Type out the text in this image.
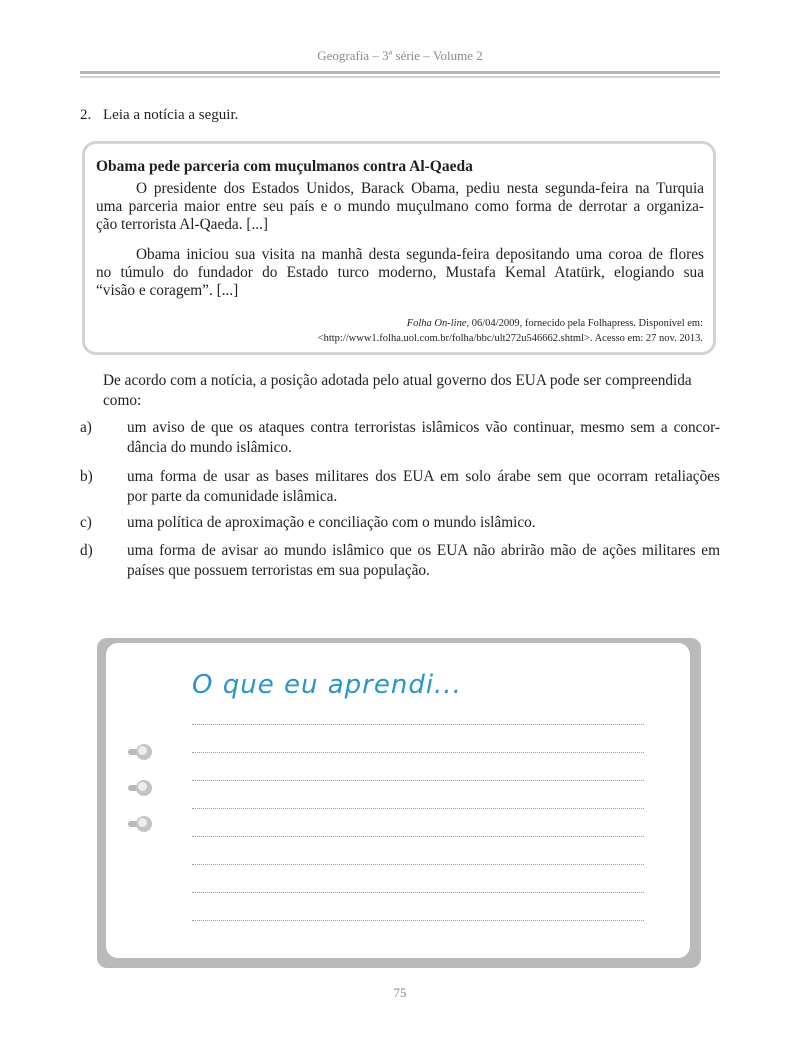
Geografia – 3ª série – Volume 2
2. Leia a notícia a seguir.
Obama pede parceria com muçulmanos contra Al-Qaeda
O presidente dos Estados Unidos, Barack Obama, pediu nesta segunda-feira na Turquia
uma parceria maior entre seu país e o mundo muçulmano como forma de derrotar a organiza-
ção terrorista Al-Qaeda. [...]
Obama iniciou sua visita na manhã desta segunda-feira depositando uma coroa de flores
no túmulo do fundador do Estado turco moderno, Mustafa Kemal Atatürk, elogiando sua
“visão e coragem”. [...]
Folha On-line, 06/04/2009, fornecido pela Folhapress. Disponível em:
<http://www1.folha.uol.com.br/folha/bbc/ult272u546662.shtml>. Acesso em: 27 nov. 2013.
De acordo com a notícia, a posição adotada pelo atual governo dos EUA pode ser compreendida
como:
a)	um aviso de que os ataques contra terroristas islâmicos vão continuar, mesmo sem a concor-
dância do mundo islâmico.
b)	uma forma de usar as bases militares dos EUA em solo árabe sem que ocorram retaliações
por parte da comunidade islâmica.
c)	uma política de aproximação e conciliação com o mundo islâmico.
d)	uma forma de avisar ao mundo islâmico que os EUA não abrirão mão de ações militares em
países que possuem terroristas em sua população.
O que eu aprendi...
75
